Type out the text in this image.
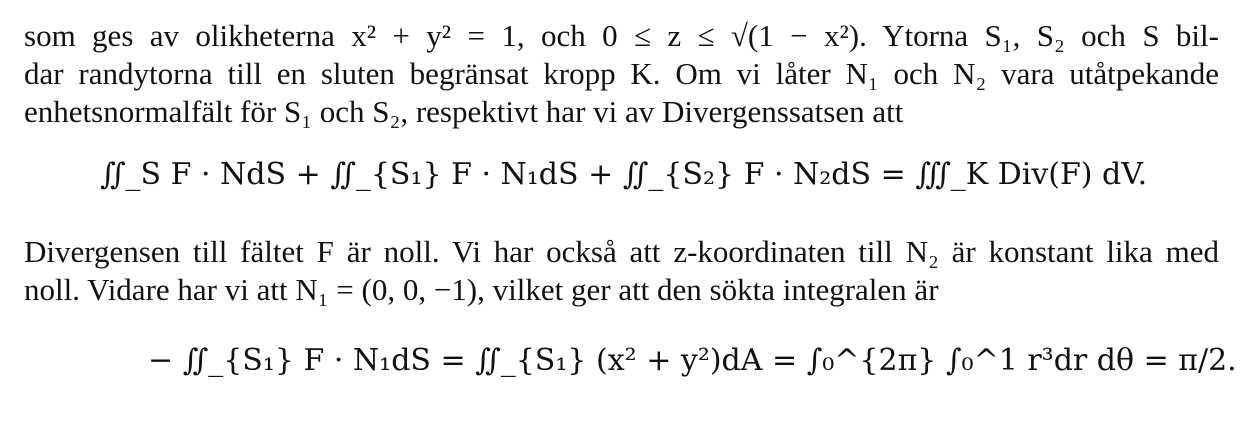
som ges av olikheterna x² + y² = 1, och 0 ≤ z ≤ √(1 − x²). Ytorna S₁, S₂ och S bil-
dar randytorna till en sluten begränsat kropp K. Om vi låter N₁ och N₂ vara utåtpekande
enhetsnormalfält för S₁ och S₂, respektivt har vi av Divergenssatsen att
∬_S F · NdS + ∬_{S₁} F · N₁dS + ∬_{S₂} F · N₂dS = ∭_K Div(F) dV.
Divergensen till fältet F är noll. Vi har också att z-koordinaten till N₂ är konstant lika med
noll. Vidare har vi att N₁ = (0, 0, −1), vilket ger att den sökta integralen är
− ∬_{S₁} F · N₁dS = ∬_{S₁} (x² + y²)dA = ∫₀^{2π} ∫₀^1 r³dr dθ = π/2.
